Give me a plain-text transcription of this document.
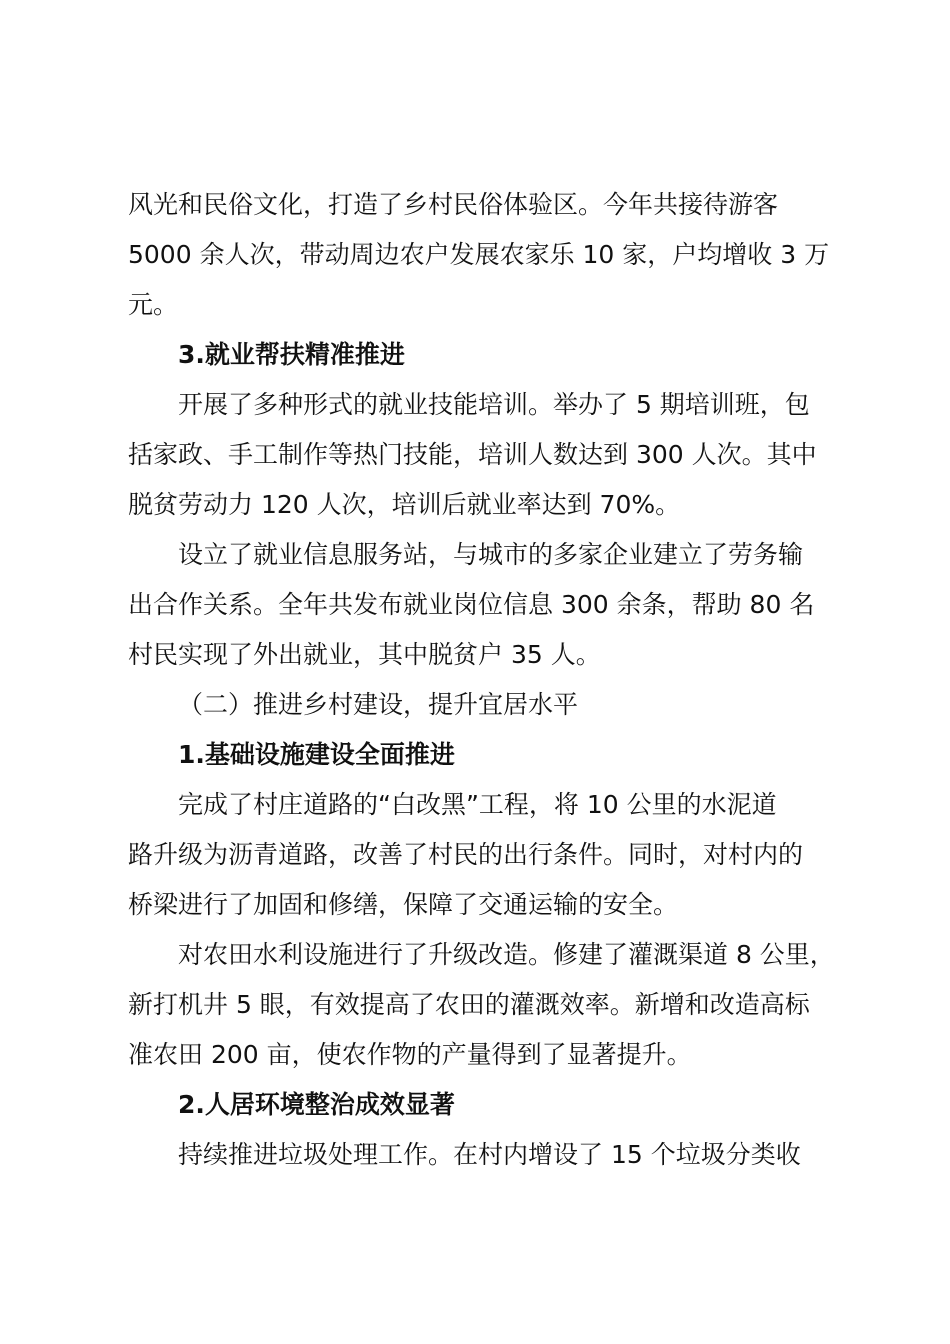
风光和民俗文化，打造了乡村民俗体验区。今年共接待游客
5000 余人次，带动周边农户发展农家乐 10 家，户均增收 3 万
元。
3.就业帮扶精准推进
开展了多种形式的就业技能培训。举办了 5 期培训班，包
括家政、手工制作等热门技能，培训人数达到 300 人次。其中
脱贫劳动力 120 人次，培训后就业率达到 70%。
设立了就业信息服务站，与城市的多家企业建立了劳务输
出合作关系。全年共发布就业岗位信息 300 余条，帮助 80 名
村民实现了外出就业，其中脱贫户 35 人。
（二）推进乡村建设，提升宜居水平
1.基础设施建设全面推进
完成了村庄道路的“白改黑”工程，将 10 公里的水泥道
路升级为沥青道路，改善了村民的出行条件。同时，对村内的
桥梁进行了加固和修缮，保障了交通运输的安全。
对农田水利设施进行了升级改造。修建了灌溉渠道 8 公里，
新打机井 5 眼，有效提高了农田的灌溉效率。新增和改造高标
准农田 200 亩，使农作物的产量得到了显著提升。
2.人居环境整治成效显著
持续推进垃圾处理工作。在村内增设了 15 个垃圾分类收
